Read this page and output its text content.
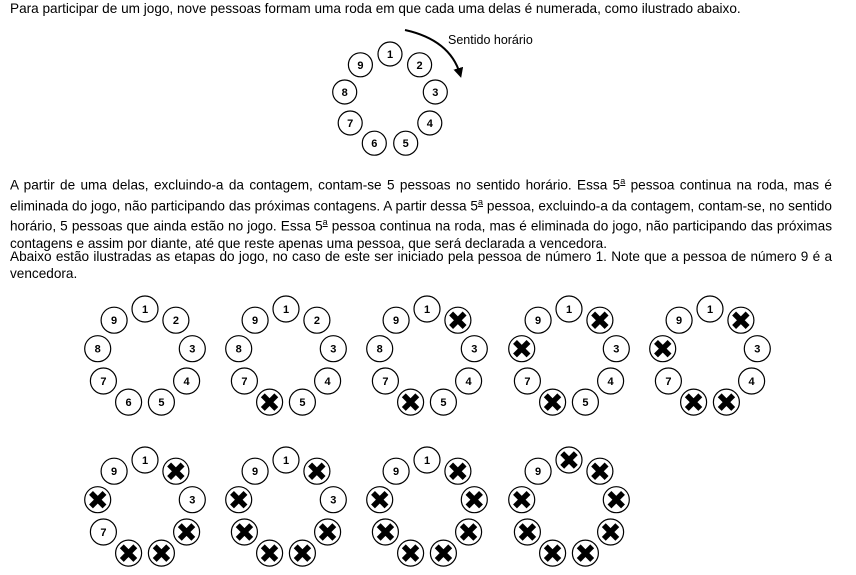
Para participar de um jogo, nove pessoas formam uma roda em que cada uma delas é numerada, como ilustrado abaixo.

1
2
3
4
5
6
7
8
9
Sentido horário
1
2
3
4
5
6
7
8
9
1
2
3
4
5
7
8
9
1
3
4
5
7
8
9
1
3
4
5
7
9
1
3
4
7
9
1
3
7
9
1
3
9
1
9	9

A partir de uma delas, excluindo-a da contagem, contam-se 5 pessoas no sentido horário. Essa 5$^a$ pessoa continua na roda, mas é eliminada do jogo, não participando das próximas contagens. A partir dessa 5$^a$ pessoa, excluindo-a da contagem, contam-se, no sentido horário, 5 pessoas que ainda estão no jogo. Essa 5$^a$ pessoa continua na roda, mas é eliminada do jogo, não participando das próximas contagens e assim por diante, até que reste apenas uma pessoa, que será declarada a vencedora.

Abaixo estão ilustradas as etapas do jogo, no caso de este ser iniciado pela pessoa de número 1. Note que a pessoa de número 9 é a vencedora.
